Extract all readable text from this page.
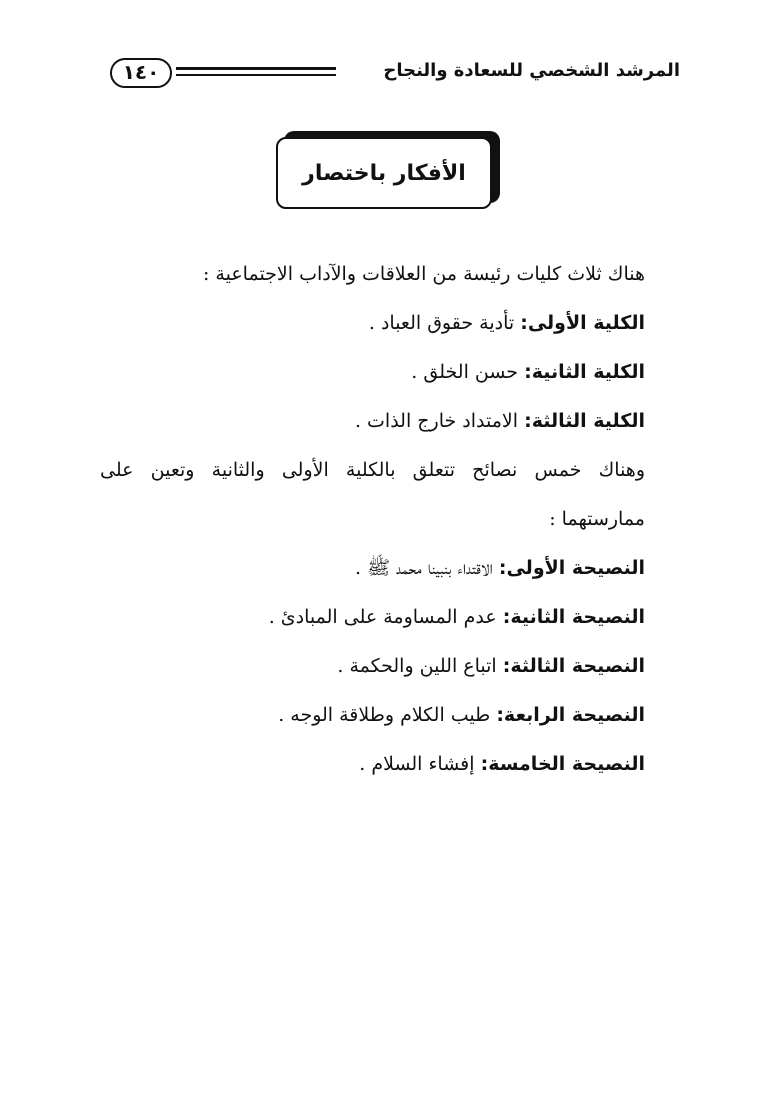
١٤٠	المرشد الشخصي للسعادة والنجاح
الأفكار باختصار

هناك ثلاث كليات رئيسة من العلاقات والآداب الاجتماعية :

الكلية الأولى: تأدية حقوق العباد .

الكلية الثانية: حسن الخلق .

الكلية الثالثة: الامتداد خارج الذات .

وهناك خمس نصائح تتعلق بالكلية الأولى والثانية وتعين على ممارستهما :

النصيحة الأولى: الاقتداء بنبينا محمد ﷺ .

النصيحة الثانية: عدم المساومة على المبادئ .

النصيحة الثالثة: اتباع اللين والحكمة .

النصيحة الرابعة: طيب الكلام وطلاقة الوجه .

النصيحة الخامسة: إفشاء السلام .
